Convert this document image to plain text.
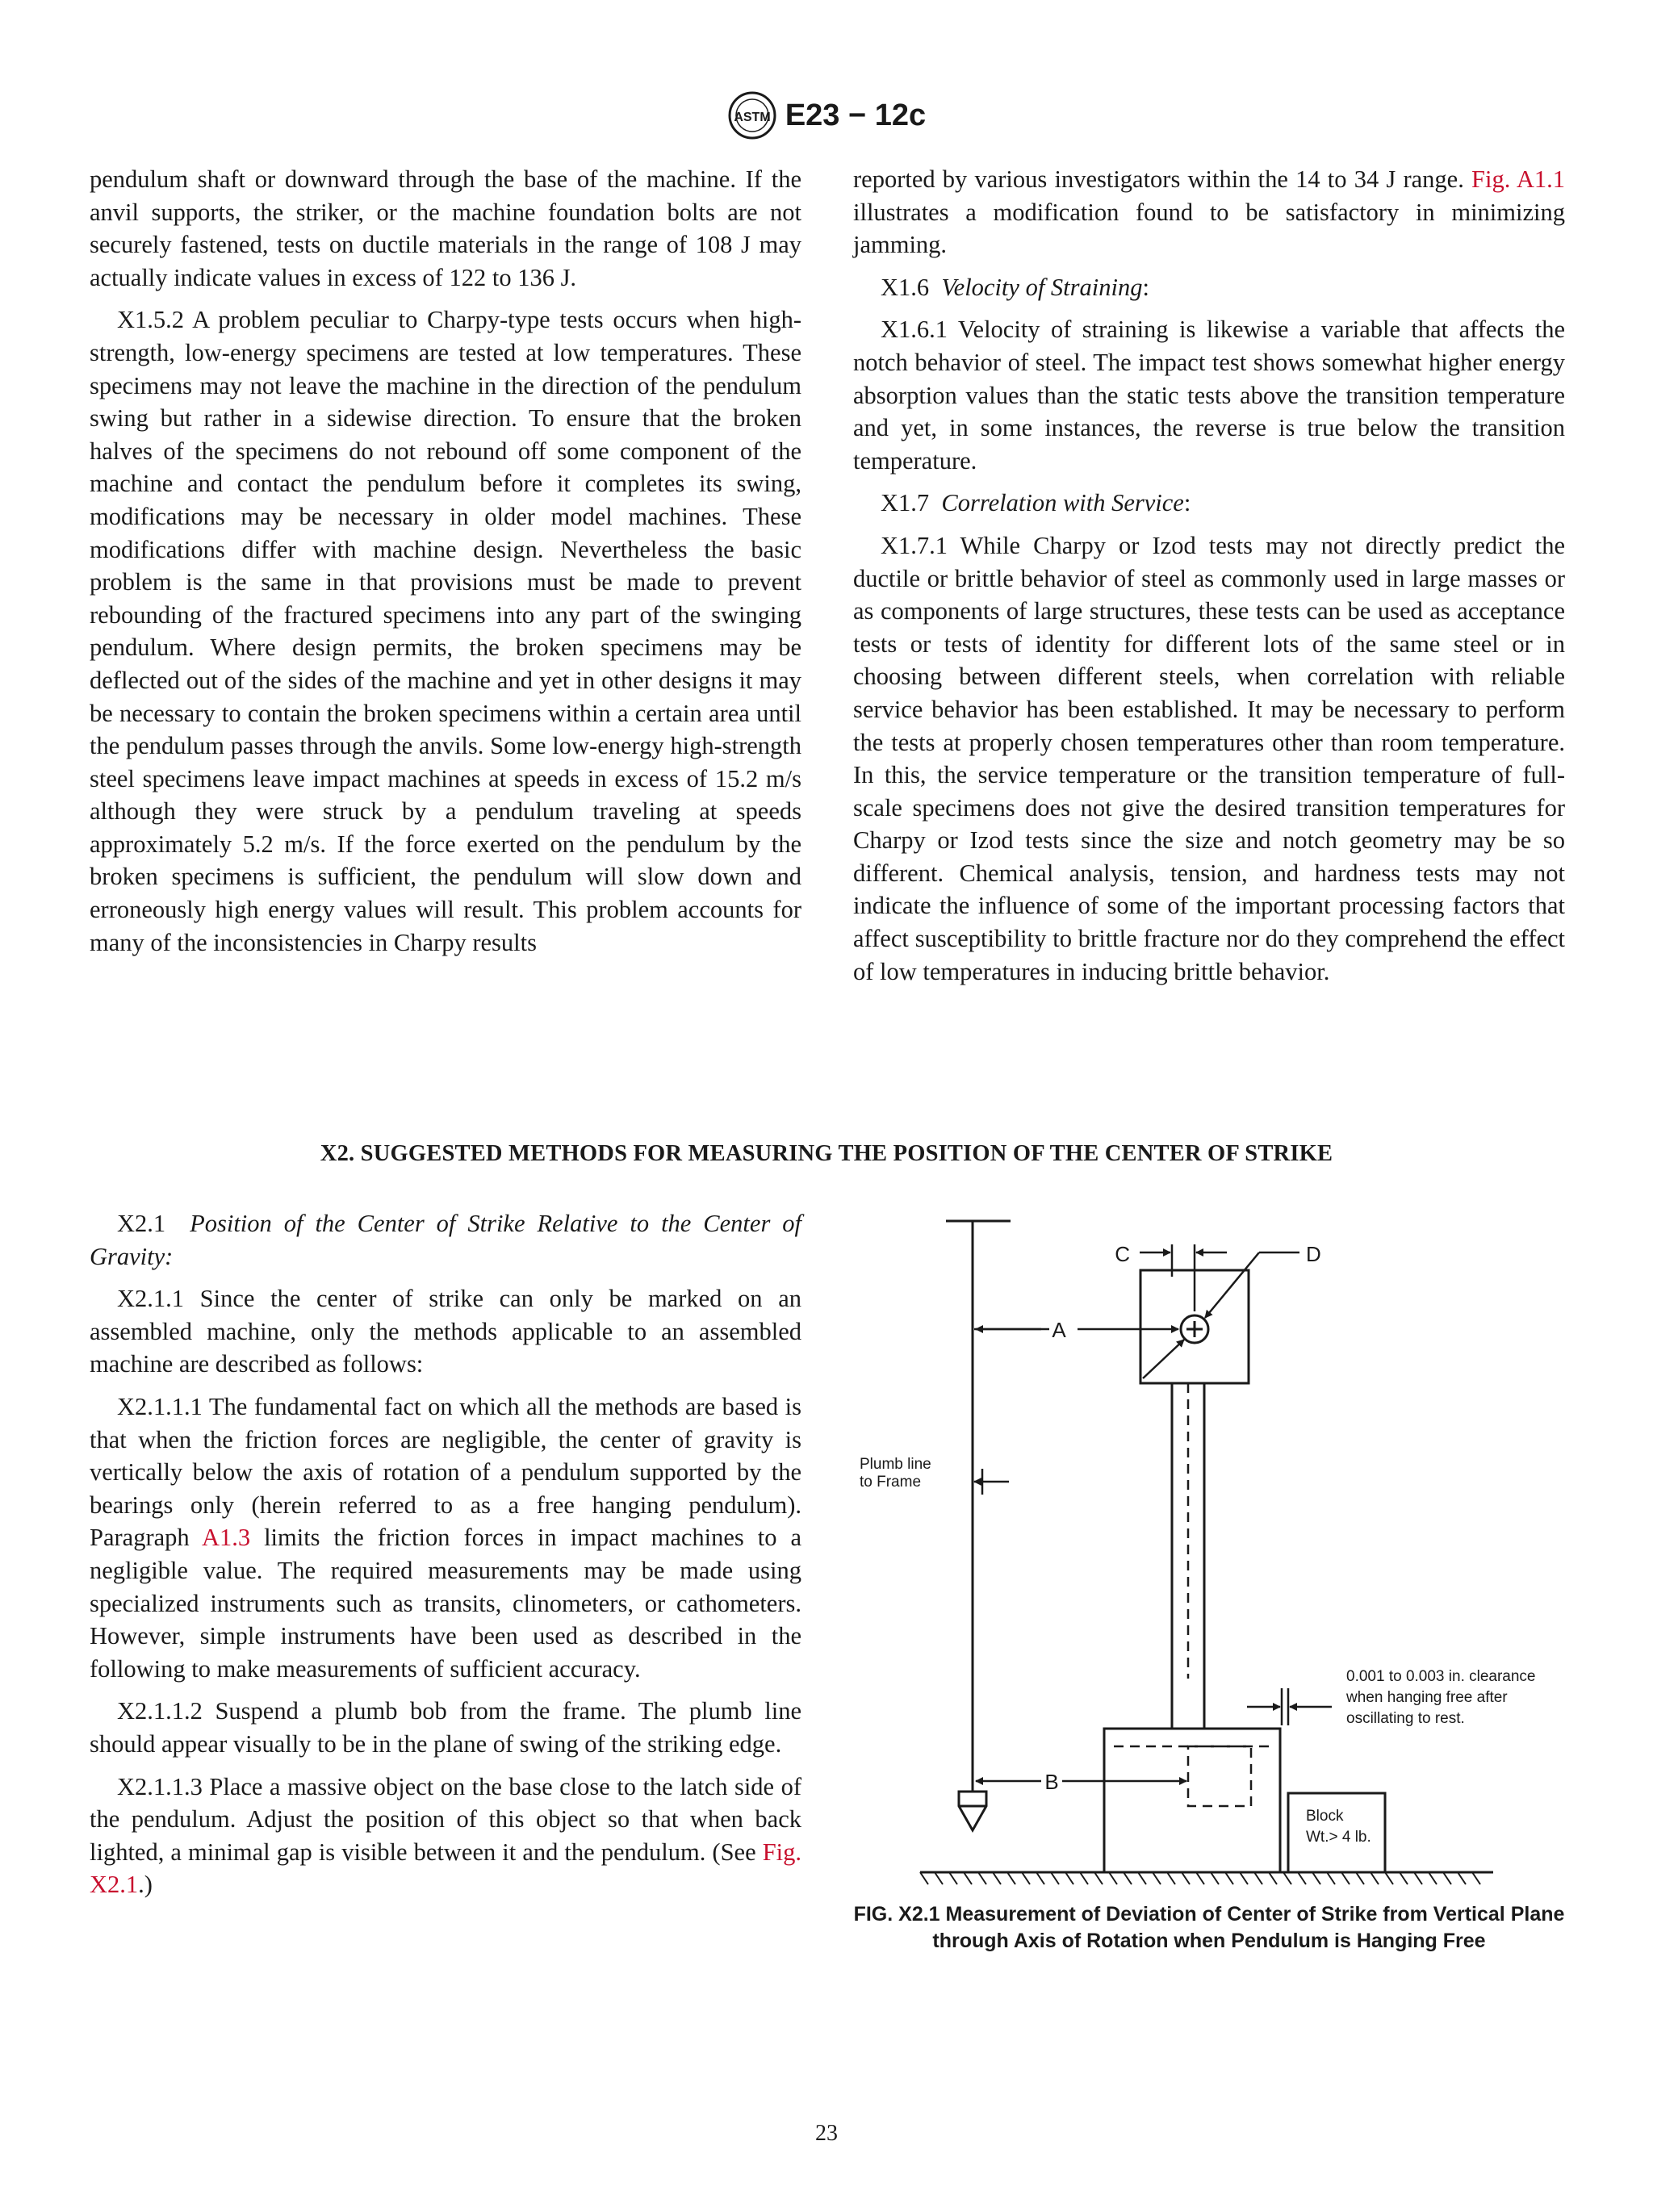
ASTM E23 − 12c

pendulum shaft or downward through the base of the machine. If the anvil supports, the striker, or the machine foundation bolts are not securely fastened, tests on ductile materials in the range of 108 J may actually indicate values in excess of 122 to 136 J.

X1.5.2 A problem peculiar to Charpy-type tests occurs when high-strength, low-energy specimens are tested at low temperatures. These specimens may not leave the machine in the direction of the pendulum swing but rather in a sidewise direction. To ensure that the broken halves of the specimens do not rebound off some component of the machine and contact the pendulum before it completes its swing, modifications may be necessary in older model machines. These modifications differ with machine design. Nevertheless the basic problem is the same in that provisions must be made to prevent rebounding of the fractured specimens into any part of the swinging pendulum. Where design permits, the broken specimens may be deflected out of the sides of the machine and yet in other designs it may be necessary to contain the broken specimens within a certain area until the pendulum passes through the anvils. Some low-energy high-strength steel specimens leave impact machines at speeds in excess of 15.2 m/s although they were struck by a pendulum traveling at speeds approximately 5.2 m/s. If the force exerted on the pendulum by the broken specimens is sufficient, the pendulum will slow down and erroneously high energy values will result. This problem accounts for many of the inconsistencies in Charpy results

reported by various investigators within the 14 to 34 J range. Fig. A1.1 illustrates a modification found to be satisfactory in minimizing jamming.

X1.6 Velocity of Straining:

X1.6.1 Velocity of straining is likewise a variable that affects the notch behavior of steel. The impact test shows somewhat higher energy absorption values than the static tests above the transition temperature and yet, in some instances, the reverse is true below the transition temperature.

X1.7 Correlation with Service:

X1.7.1 While Charpy or Izod tests may not directly predict the ductile or brittle behavior of steel as commonly used in large masses or as components of large structures, these tests can be used as acceptance tests or tests of identity for different lots of the same steel or in choosing between different steels, when correlation with reliable service behavior has been established. It may be necessary to perform the tests at properly chosen temperatures other than room temperature. In this, the service temperature or the transition temperature of full-scale specimens does not give the desired transition temperatures for Charpy or Izod tests since the size and notch geometry may be so different. Chemical analysis, tension, and hardness tests may not indicate the influence of some of the important processing factors that affect susceptibility to brittle fracture nor do they comprehend the effect of low temperatures in inducing brittle behavior.

X2. SUGGESTED METHODS FOR MEASURING THE POSITION OF THE CENTER OF STRIKE

X2.1 Position of the Center of Strike Relative to the Center of Gravity:

X2.1.1 Since the center of strike can only be marked on an assembled machine, only the methods applicable to an assembled machine are described as follows:

X2.1.1.1 The fundamental fact on which all the methods are based is that when the friction forces are negligible, the center of gravity is vertically below the axis of rotation of a pendulum supported by the bearings only (herein referred to as a free hanging pendulum). Paragraph A1.3 limits the friction forces in impact machines to a negligible value. The required measurements may be made using specialized instruments such as transits, clinometers, or cathometers. However, simple instruments have been used as described in the following to make measurements of sufficient accuracy.

X2.1.1.2 Suspend a plumb bob from the frame. The plumb line should appear visually to be in the plane of swing of the striking edge.

X2.1.1.3 Place a massive object on the base close to the latch side of the pendulum. Adjust the position of this object so that when back lighted, a minimal gap is visible between it and the pendulum. (See Fig. X2.1.)

C	D
A
B
Plumb line
to Frame
0.001 to 0.003 in. clearance
when hanging free after
oscillating to rest.
Block
Wt.> 4 lb.
FIG. X2.1 Measurement of Deviation of Center of Strike from Vertical Plane through Axis of Rotation when Pendulum is Hanging Free
23
